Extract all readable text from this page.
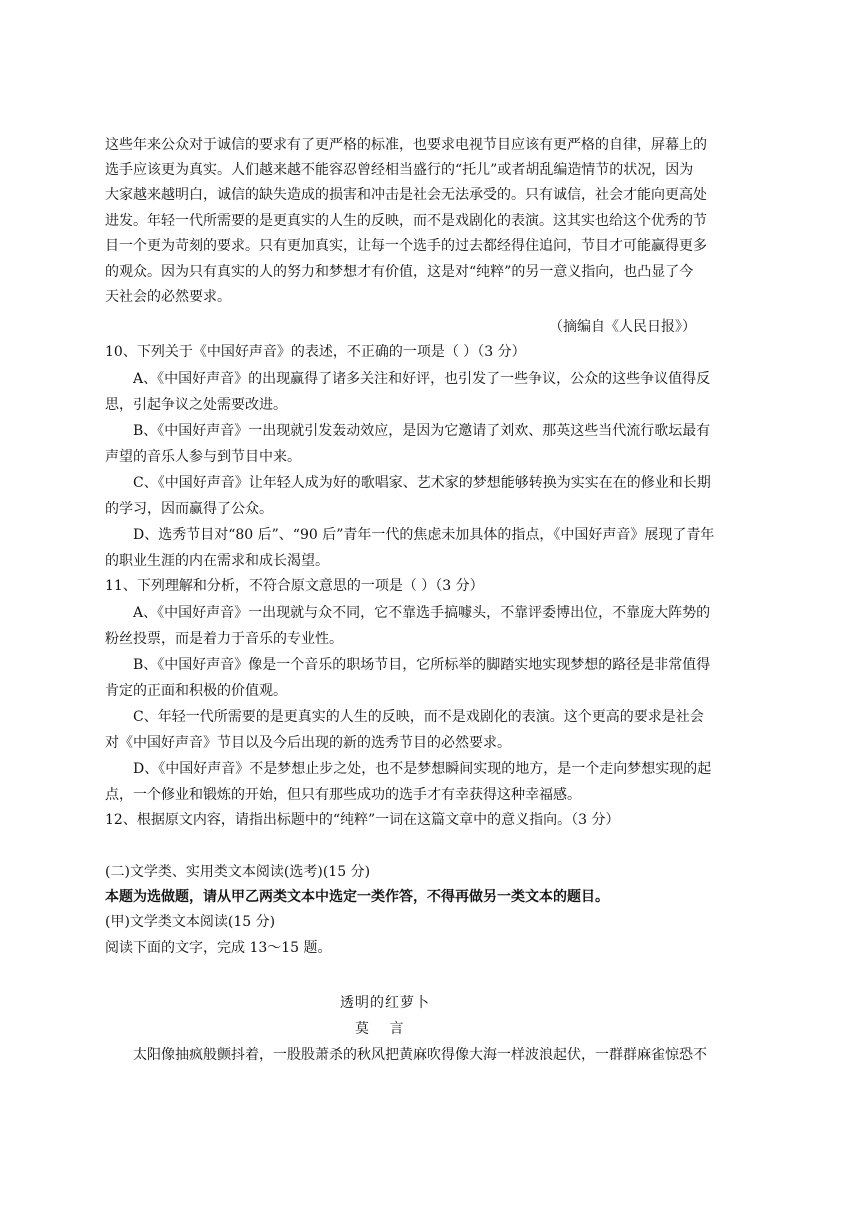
这些年来公众对于诚信的要求有了更严格的标准，也要求电视节目应该有更严格的自律，屏幕上的
选手应该更为真实。人们越来越不能容忍曾经相当盛行的“托儿”或者胡乱编造情节的状况，因为
大家越来越明白，诚信的缺失造成的损害和冲击是社会无法承受的。只有诚信，社会才能向更高处
进发。年轻一代所需要的是更真实的人生的反映，而不是戏剧化的表演。这其实也给这个优秀的节
目一个更为苛刻的要求。只有更加真实，让每一个选手的过去都经得住追问，节目才可能赢得更多
的观众。因为只有真实的人的努力和梦想才有价值，这是对“纯粹”的另一意义指向，也凸显了今
天社会的必然要求。
（摘编自《人民日报》）
10、下列关于《中国好声音》的表述，不正确的一项是（ ）（3 分）
A、《中国好声音》的出现赢得了诸多关注和好评，也引发了一些争议，公众的这些争议值得反
思，引起争议之处需要改进。
B、《中国好声音》一出现就引发轰动效应，是因为它邀请了刘欢、那英这些当代流行歌坛最有
声望的音乐人参与到节目中来。
C、《中国好声音》让年轻人成为好的歌唱家、艺术家的梦想能够转换为实实在在的修业和长期
的学习，因而赢得了公众。
D、选秀节目对“80 后”、“90 后”青年一代的焦虑未加具体的指点，《中国好声音》展现了青年
的职业生涯的内在需求和成长渴望。
11、下列理解和分析，不符合原文意思的一项是（ ）（3 分）
A、《中国好声音》一出现就与众不同，它不靠选手搞噱头，不靠评委博出位，不靠庞大阵势的
粉丝投票，而是着力于音乐的专业性。
B、《中国好声音》像是一个音乐的职场节目，它所标举的脚踏实地实现梦想的路径是非常值得
肯定的正面和积极的价值观。
C、年轻一代所需要的是更真实的人生的反映，而不是戏剧化的表演。这个更高的要求是社会
对《中国好声音》节目以及今后出现的新的选秀节目的必然要求。
D、《中国好声音》不是梦想止步之处，也不是梦想瞬间实现的地方，是一个走向梦想实现的起
点，一个修业和锻炼的开始，但只有那些成功的选手才有幸获得这种幸福感。
12、根据原文内容，请指出标题中的“纯粹”一词在这篇文章中的意义指向。（3 分）
(二)文学类、实用类文本阅读(选考)(15 分)
本题为选做题，请从甲乙两类文本中选定一类作答，不得再做另一类文本的题目。
(甲)文学类文本阅读(15 分)
阅读下面的文字，完成 13～15 题。
透明的红萝卜
莫 言
太阳像抽疯般颤抖着，一股股萧杀的秋风把黄麻吹得像大海一样波浪起伏，一群群麻雀惊恐不
